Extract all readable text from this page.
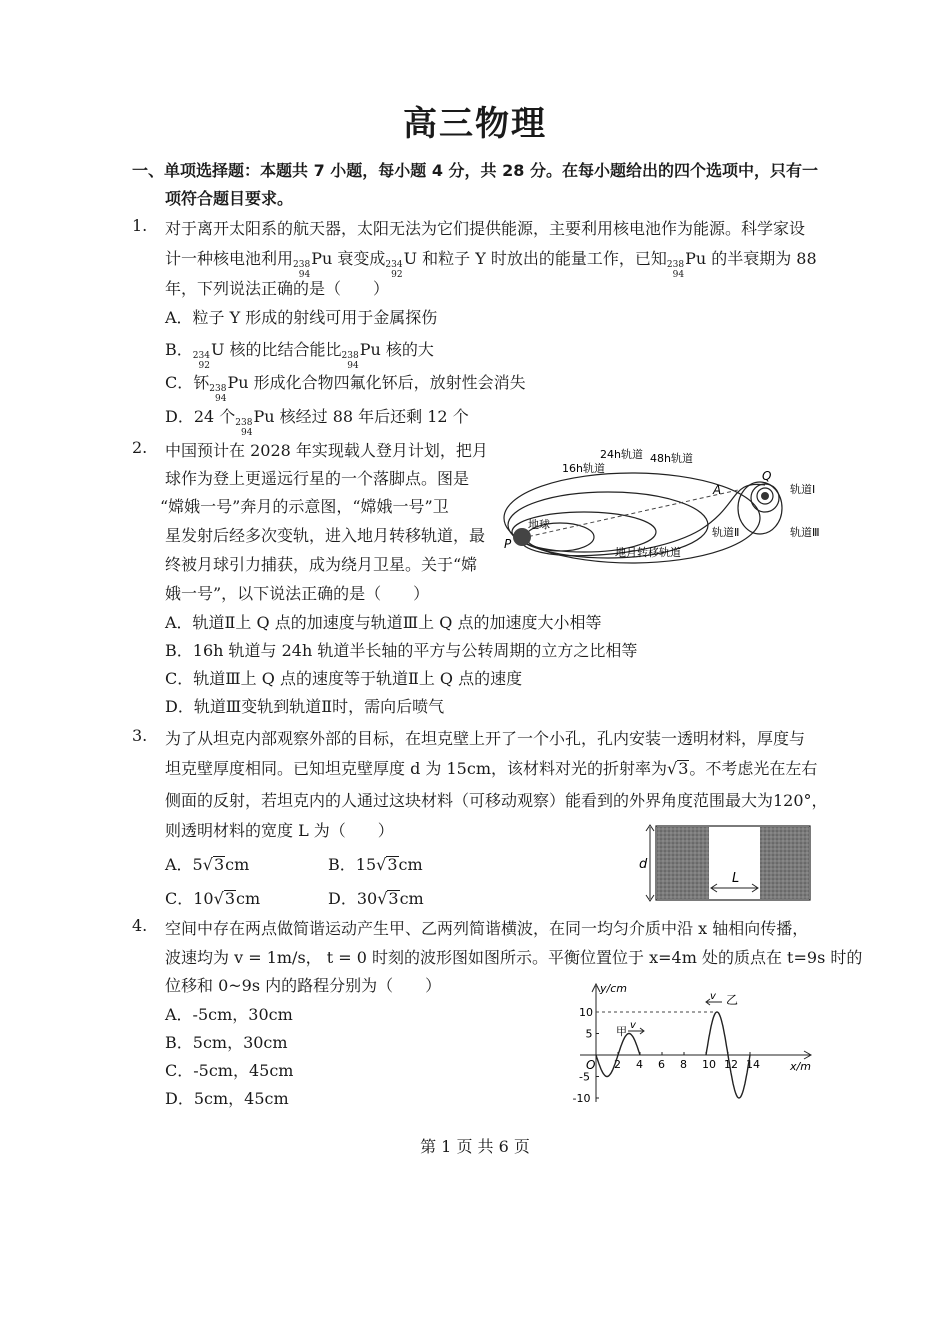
高三物理
一、单项选择题：本题共 7 小题，每小题 4 分，共 28 分。在每小题给出的四个选项中，只有一
项符合题目要求。
1. 对于离开太阳系的航天器，太阳无法为它们提供能源，主要利用核电池作为能源。科学家设
计一种核电池利用 238
94
Pu 衰变成 234
92
U 和粒子 Y 时放出的能量工作，已知 238
94
Pu 的半衰期为 88
年，下列说法正确的是（　　）
A．粒子 Y 形成的射线可用于金属探伤
B． 234
92
U 核的比结合能比 238
94
Pu 核的大
C．钚 238
94
Pu 形成化合物四氟化钚后，放射性会消失
D．24 个 238
94
Pu 核经过 88 年后还剩 12 个
2. 中国预计在 2028 年实现载人登月计划，把月
球作为登上更遥远行星的一个落脚点。图是
“嫦娥一号”奔月的示意图，“嫦娥一号”卫
星发射后经多次变轨，进入地月转移轨道，最
终被月球引力捕获，成为绕月卫星。关于“嫦
娥一号”，以下说法正确的是（　　）
地球
16h轨道
24h轨道 48h轨道
地月转移轨道
轨道Ⅰ
轨道Ⅱ	轨道Ⅲ
A
Q
P
A．轨道Ⅱ上 Q 点的加速度与轨道Ⅲ上 Q 点的加速度大小相等
B．16h 轨道与 24h 轨道半长轴的平方与公转周期的立方之比相等
C．轨道Ⅲ上 Q 点的速度等于轨道Ⅱ上 Q 点的速度
D．轨道Ⅲ变轨到轨道Ⅱ时，需向后喷气
3. 为了从坦克内部观察外部的目标，在坦克壁上开了一个小孔，孔内安装一透明材料，厚度与
坦克壁厚度相同。已知坦克壁厚度 d 为 15cm，该材料对光的折射率为√3。不考虑光在左右
侧面的反射，若坦克内的人通过这块材料（可移动观察）能看到的外界角度范围最大为120°，
则透明材料的宽度 L 为（　　）
A．5√3cm	B．15√3cm
C．10√3cm	D．30√3cm
d
L
4. 空间中存在两点做简谐运动产生甲、乙两列简谐横波，在同一均匀介质中沿 x 轴相向传播，
波速均为 v = 1m/s， t = 0 时刻的波形图如图所示。平衡位置位于 x=4m 处的质点在 t=9s 时的
位移和 0~9s 内的路程分别为（　　）
A．-5cm，30cm
B．5cm，30cm
C．-5cm，45cm
D．5cm，45cm
y/cm
x/m
O 2 4 6 8 10 12 14
10
5
-5
-10
甲 v
乙
v
第 1 页 共 6 页
